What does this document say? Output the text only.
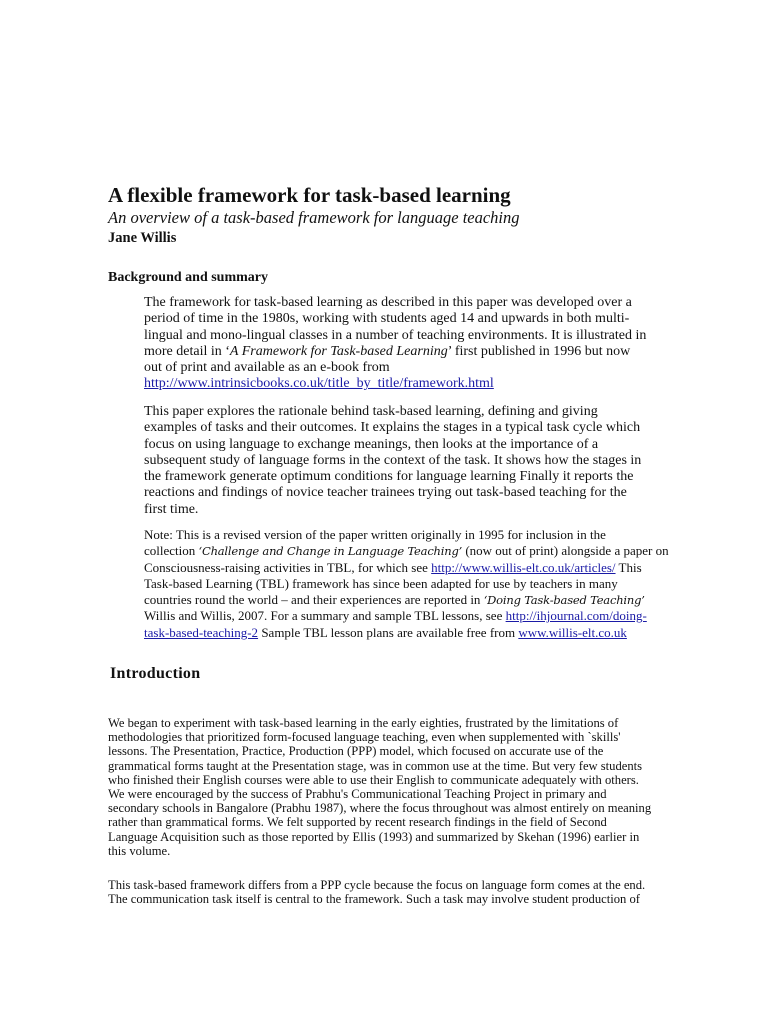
A flexible framework for task-based learning

An overview of a task-based framework for language teaching

Jane Willis

Background and summary
The framework for task-based learning as described in this paper was developed over a
period of time in the 1980s, working with students aged 14 and upwards in both multi-
lingual and mono-lingual classes in a number of teaching environments. It is illustrated in
more detail in ‘A Framework for Task-based Learning’ first published in 1996 but now
out of print and available as an e-book from
http://www.intrinsicbooks.co.uk/title_by_title/framework.html
This paper explores the rationale behind task-based learning, defining and giving
examples of tasks and their outcomes. It explains the stages in a typical task cycle which
focus on using language to exchange meanings, then looks at the importance of a
subsequent study of language forms in the context of the task. It shows how the stages in
the framework generate optimum conditions for language learning Finally it reports the
reactions and findings of novice teacher trainees trying out task-based teaching for the
first time.
Note: This is a revised version of the paper written originally in 1995 for inclusion in the
collection ‘Challenge and Change in Language Teaching’ (now out of print) alongside a paper on
Consciousness-raising activities in TBL, for which see http://www.willis-elt.co.uk/articles/ This
Task-based Learning (TBL) framework has since been adapted for use by teachers in many
countries round the world – and their experiences are reported in ‘Doing Task-based Teaching’
Willis and Willis, 2007. For a summary and sample TBL lessons, see http://ihjournal.com/doing-
task-based-teaching-2 Sample TBL lesson plans are available free from www.willis-elt.co.uk
Introduction
We began to experiment with task-based learning in the early eighties, frustrated by the limitations of
methodologies that prioritized form-focused language teaching, even when supplemented with `skills'
lessons. The Presentation, Practice, Production (PPP) model, which focused on accurate use of the
grammatical forms taught at the Presentation stage, was in common use at the time. But very few students
who finished their English courses were able to use their English to communicate adequately with others.
We were encouraged by the success of Prabhu's Communicational Teaching Project in primary and
secondary schools in Bangalore (Prabhu 1987), where the focus throughout was almost entirely on meaning
rather than grammatical forms. We felt supported by recent research findings in the field of Second
Language Acquisition such as those reported by Ellis (1993) and summarized by Skehan (1996) earlier in
this volume.
This task-based framework differs from a PPP cycle because the focus on language form comes at the end.
The communication task itself is central to the framework. Such a task may involve student production of
